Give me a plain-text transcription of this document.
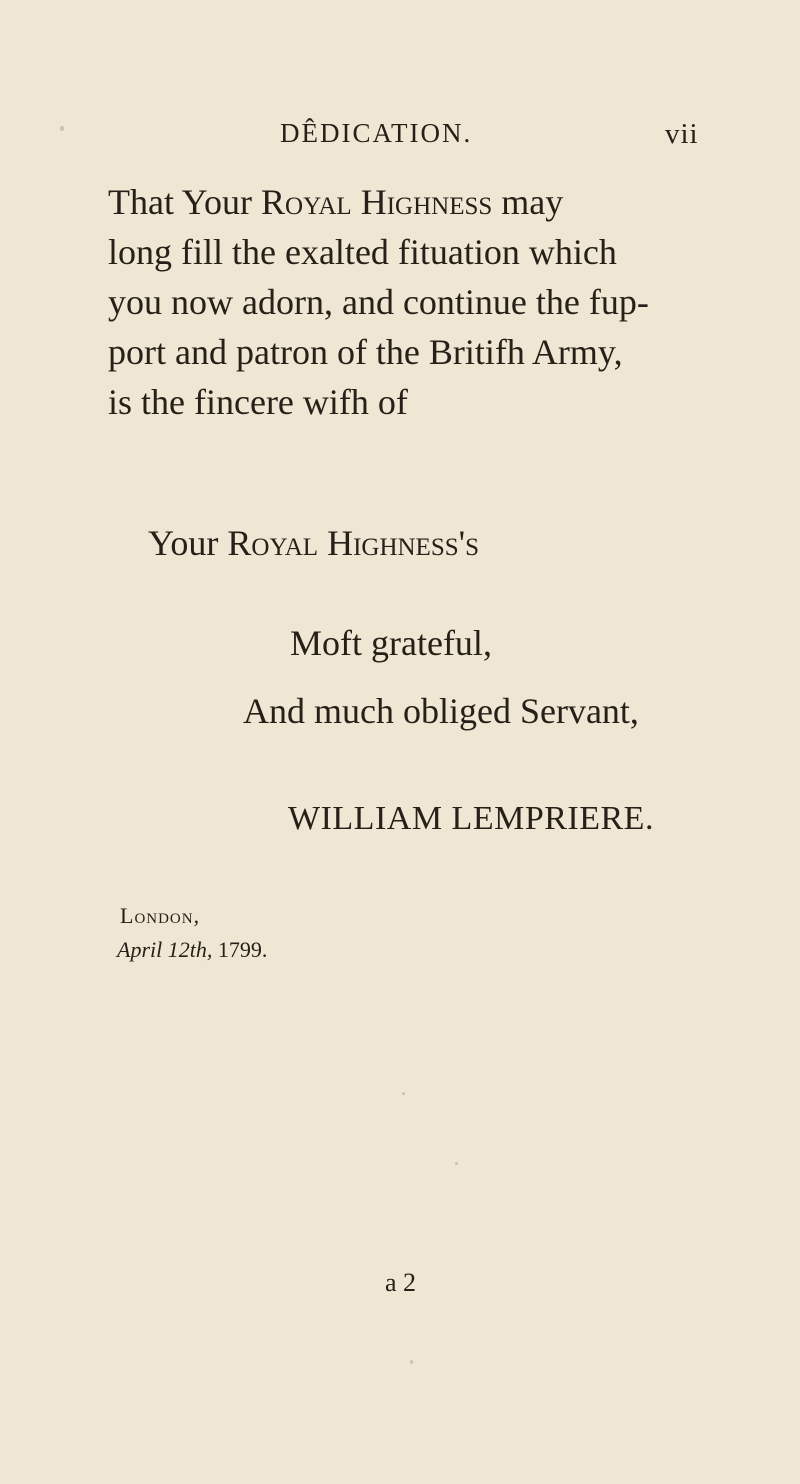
DÊDICATION.	vii
That Your Royal Highness may
long fill the exalted fituation which
you now adorn, and continue the fup-
port and patron of the Britifh Army,
is the fincere wifh of
Your Royal Highness's
Moft grateful,
And much obliged Servant,
WILLIAM LEMPRIERE.
London,
April 12th, 1799.
a 2
